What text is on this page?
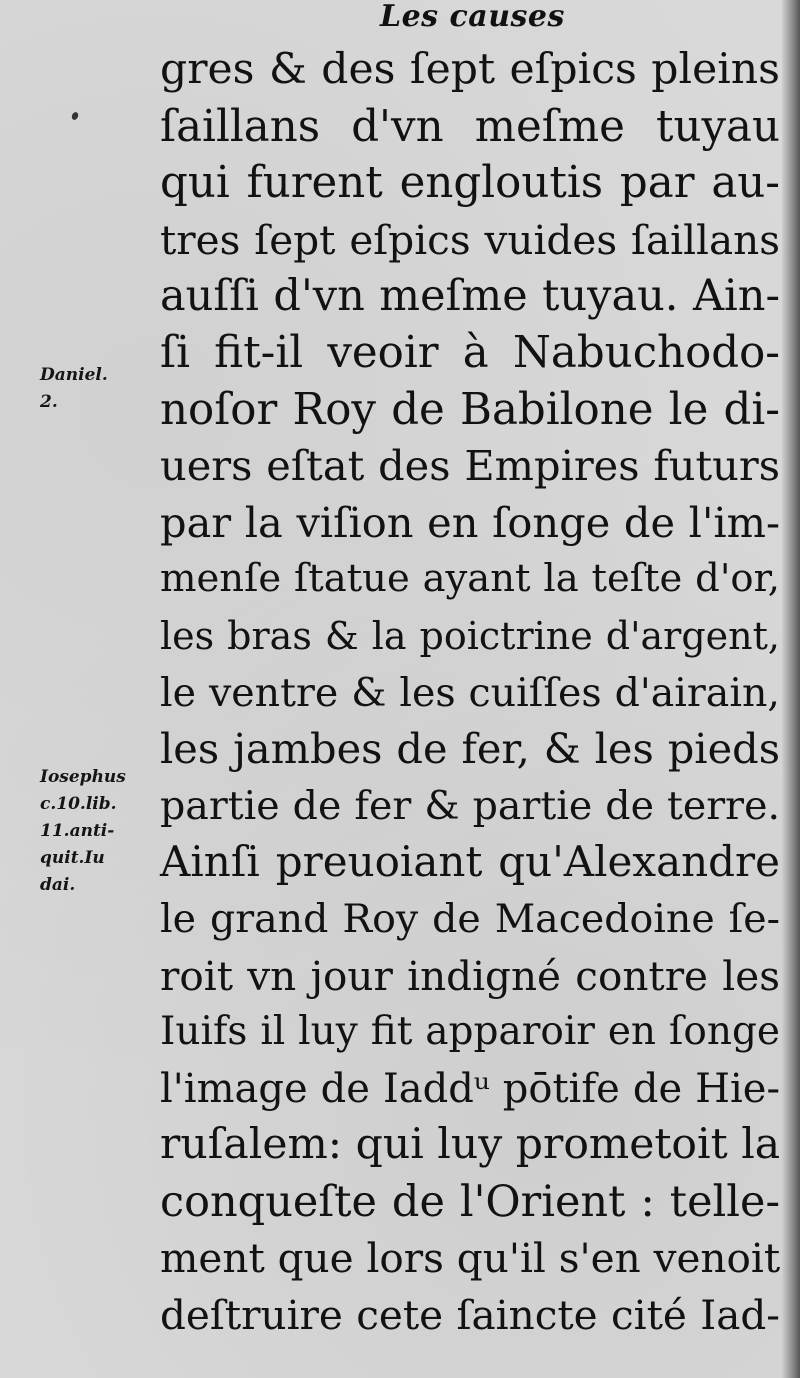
Les causes
Daniel.
2.
Iosephus
c.10.lib.
11.anti-
quit.Iu
dai.
gres & des ſept eſpics pleins
ſaillans d'vn meſme tuyau
qui furent engloutis par au-
tres ſept eſpics vuides ſaillans
auſſi d'vn meſme tuyau. Ain-
ſi fit-il veoir à Nabuchodo-
noſor Roy de Babilone le di-
uers eſtat des Empires futurs
par la viſion en ſonge de l'im-
menſe ſtatue ayant la teſte d'or,
les bras & la poictrine d'argent,
le ventre & les cuiſſes d'airain,
les jambes de fer, & les pieds
partie de fer & partie de terre.
Ainſi preuoiant qu'Alexandre
le grand Roy de Macedoine ſe-
roit vn jour indigné contre les
Iuifs il luy fit apparoir en ſonge
l'image de Iaddᵘ pōtife de Hie-
ruſalem: qui luy prometoit la
conqueſte de l'Orient : telle-
ment que lors qu'il s'en venoit
deſtruire cete ſaincte cité Iad-
